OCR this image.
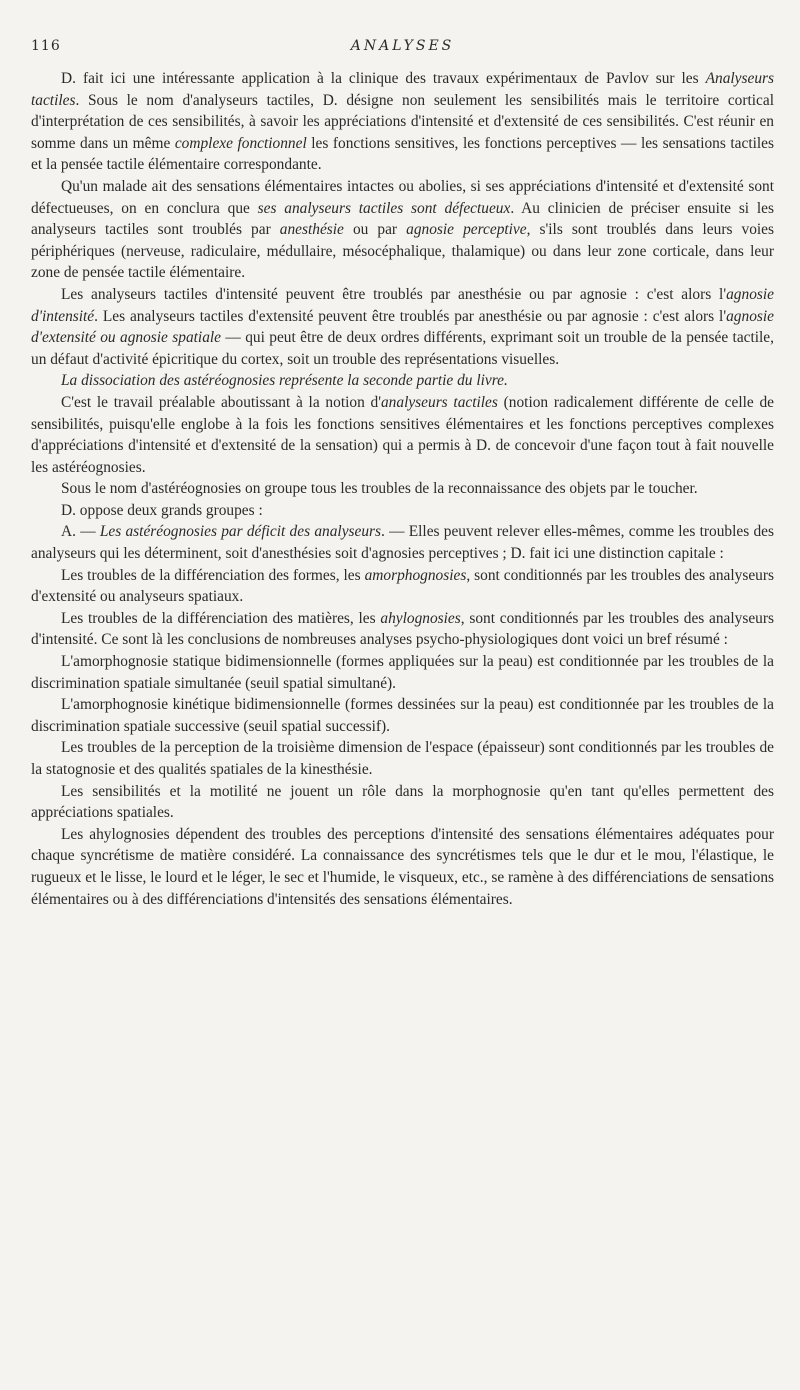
116	ANALYSES

D. fait ici une intéressante application à la clinique des travaux expérimentaux de Pavlov sur les Analyseurs tactiles. Sous le nom d'analyseurs tactiles, D. désigne non seulement les sensibilités mais le territoire cortical d'interprétation de ces sensibilités, à savoir les appréciations d'intensité et d'extensité de ces sensibilités. C'est réunir en somme dans un même complexe fonctionnel les fonctions sensitives, les fonctions perceptives — les sensations tactiles et la pensée tactile élémentaire correspondante.

Qu'un malade ait des sensations élémentaires intactes ou abolies, si ses appréciations d'intensité et d'extensité sont défectueuses, on en conclura que ses analyseurs tactiles sont défectueux. Au clinicien de préciser ensuite si les analyseurs tactiles sont troublés par anesthésie ou par agnosie perceptive, s'ils sont troublés dans leurs voies périphériques (nerveuse, radiculaire, médullaire, mésocéphalique, thalamique) ou dans leur zone corticale, dans leur zone de pensée tactile élémentaire.

Les analyseurs tactiles d'intensité peuvent être troublés par anesthésie ou par agnosie : c'est alors l'agnosie d'intensité. Les analyseurs tactiles d'extensité peuvent être troublés par anesthésie ou par agnosie : c'est alors l'agnosie d'extensité ou agnosie spatiale — qui peut être de deux ordres différents, exprimant soit un trouble de la pensée tactile, un défaut d'activité épicritique du cortex, soit un trouble des représentations visuelles.

La dissociation des astéréognosies représente la seconde partie du livre.

C'est le travail préalable aboutissant à la notion d'analyseurs tactiles (notion radicalement différente de celle de sensibilités, puisqu'elle englobe à la fois les fonctions sensitives élémentaires et les fonctions perceptives complexes d'appréciations d'intensité et d'extensité de la sensation) qui a permis à D. de concevoir d'une façon tout à fait nouvelle les astéréognosies.

Sous le nom d'astéréognosies on groupe tous les troubles de la reconnaissance des objets par le toucher.

D. oppose deux grands groupes :

A. — Les astéréognosies par déficit des analyseurs. — Elles peuvent relever elles-mêmes, comme les troubles des analyseurs qui les déterminent, soit d'anesthésies soit d'agnosies perceptives ; D. fait ici une distinction capitale :

Les troubles de la différenciation des formes, les amorphognosies, sont conditionnés par les troubles des analyseurs d'extensité ou analyseurs spatiaux.

Les troubles de la différenciation des matières, les ahylognosies, sont conditionnés par les troubles des analyseurs d'intensité. Ce sont là les conclusions de nombreuses analyses psycho-physiologiques dont voici un bref résumé :

L'amorphognosie statique bidimensionnelle (formes appliquées sur la peau) est conditionnée par les troubles de la discrimination spatiale simultanée (seuil spatial simultané).

L'amorphognosie kinétique bidimensionnelle (formes dessinées sur la peau) est conditionnée par les troubles de la discrimination spatiale successive (seuil spatial successif).

Les troubles de la perception de la troisième dimension de l'espace (épaisseur) sont conditionnés par les troubles de la statognosie et des qualités spatiales de la kinesthésie.

Les sensibilités et la motilité ne jouent un rôle dans la morphognosie qu'en tant qu'elles permettent des appréciations spatiales.

Les ahylognosies dépendent des troubles des perceptions d'intensité des sensations élémentaires adéquates pour chaque syncrétisme de matière considéré. La connaissance des syncrétismes tels que le dur et le mou, l'élastique, le rugueux et le lisse, le lourd et le léger, le sec et l'humide, le visqueux, etc., se ramène à des différenciations de sensations élémentaires ou à des différenciations d'intensités des sensations élémentaires.
